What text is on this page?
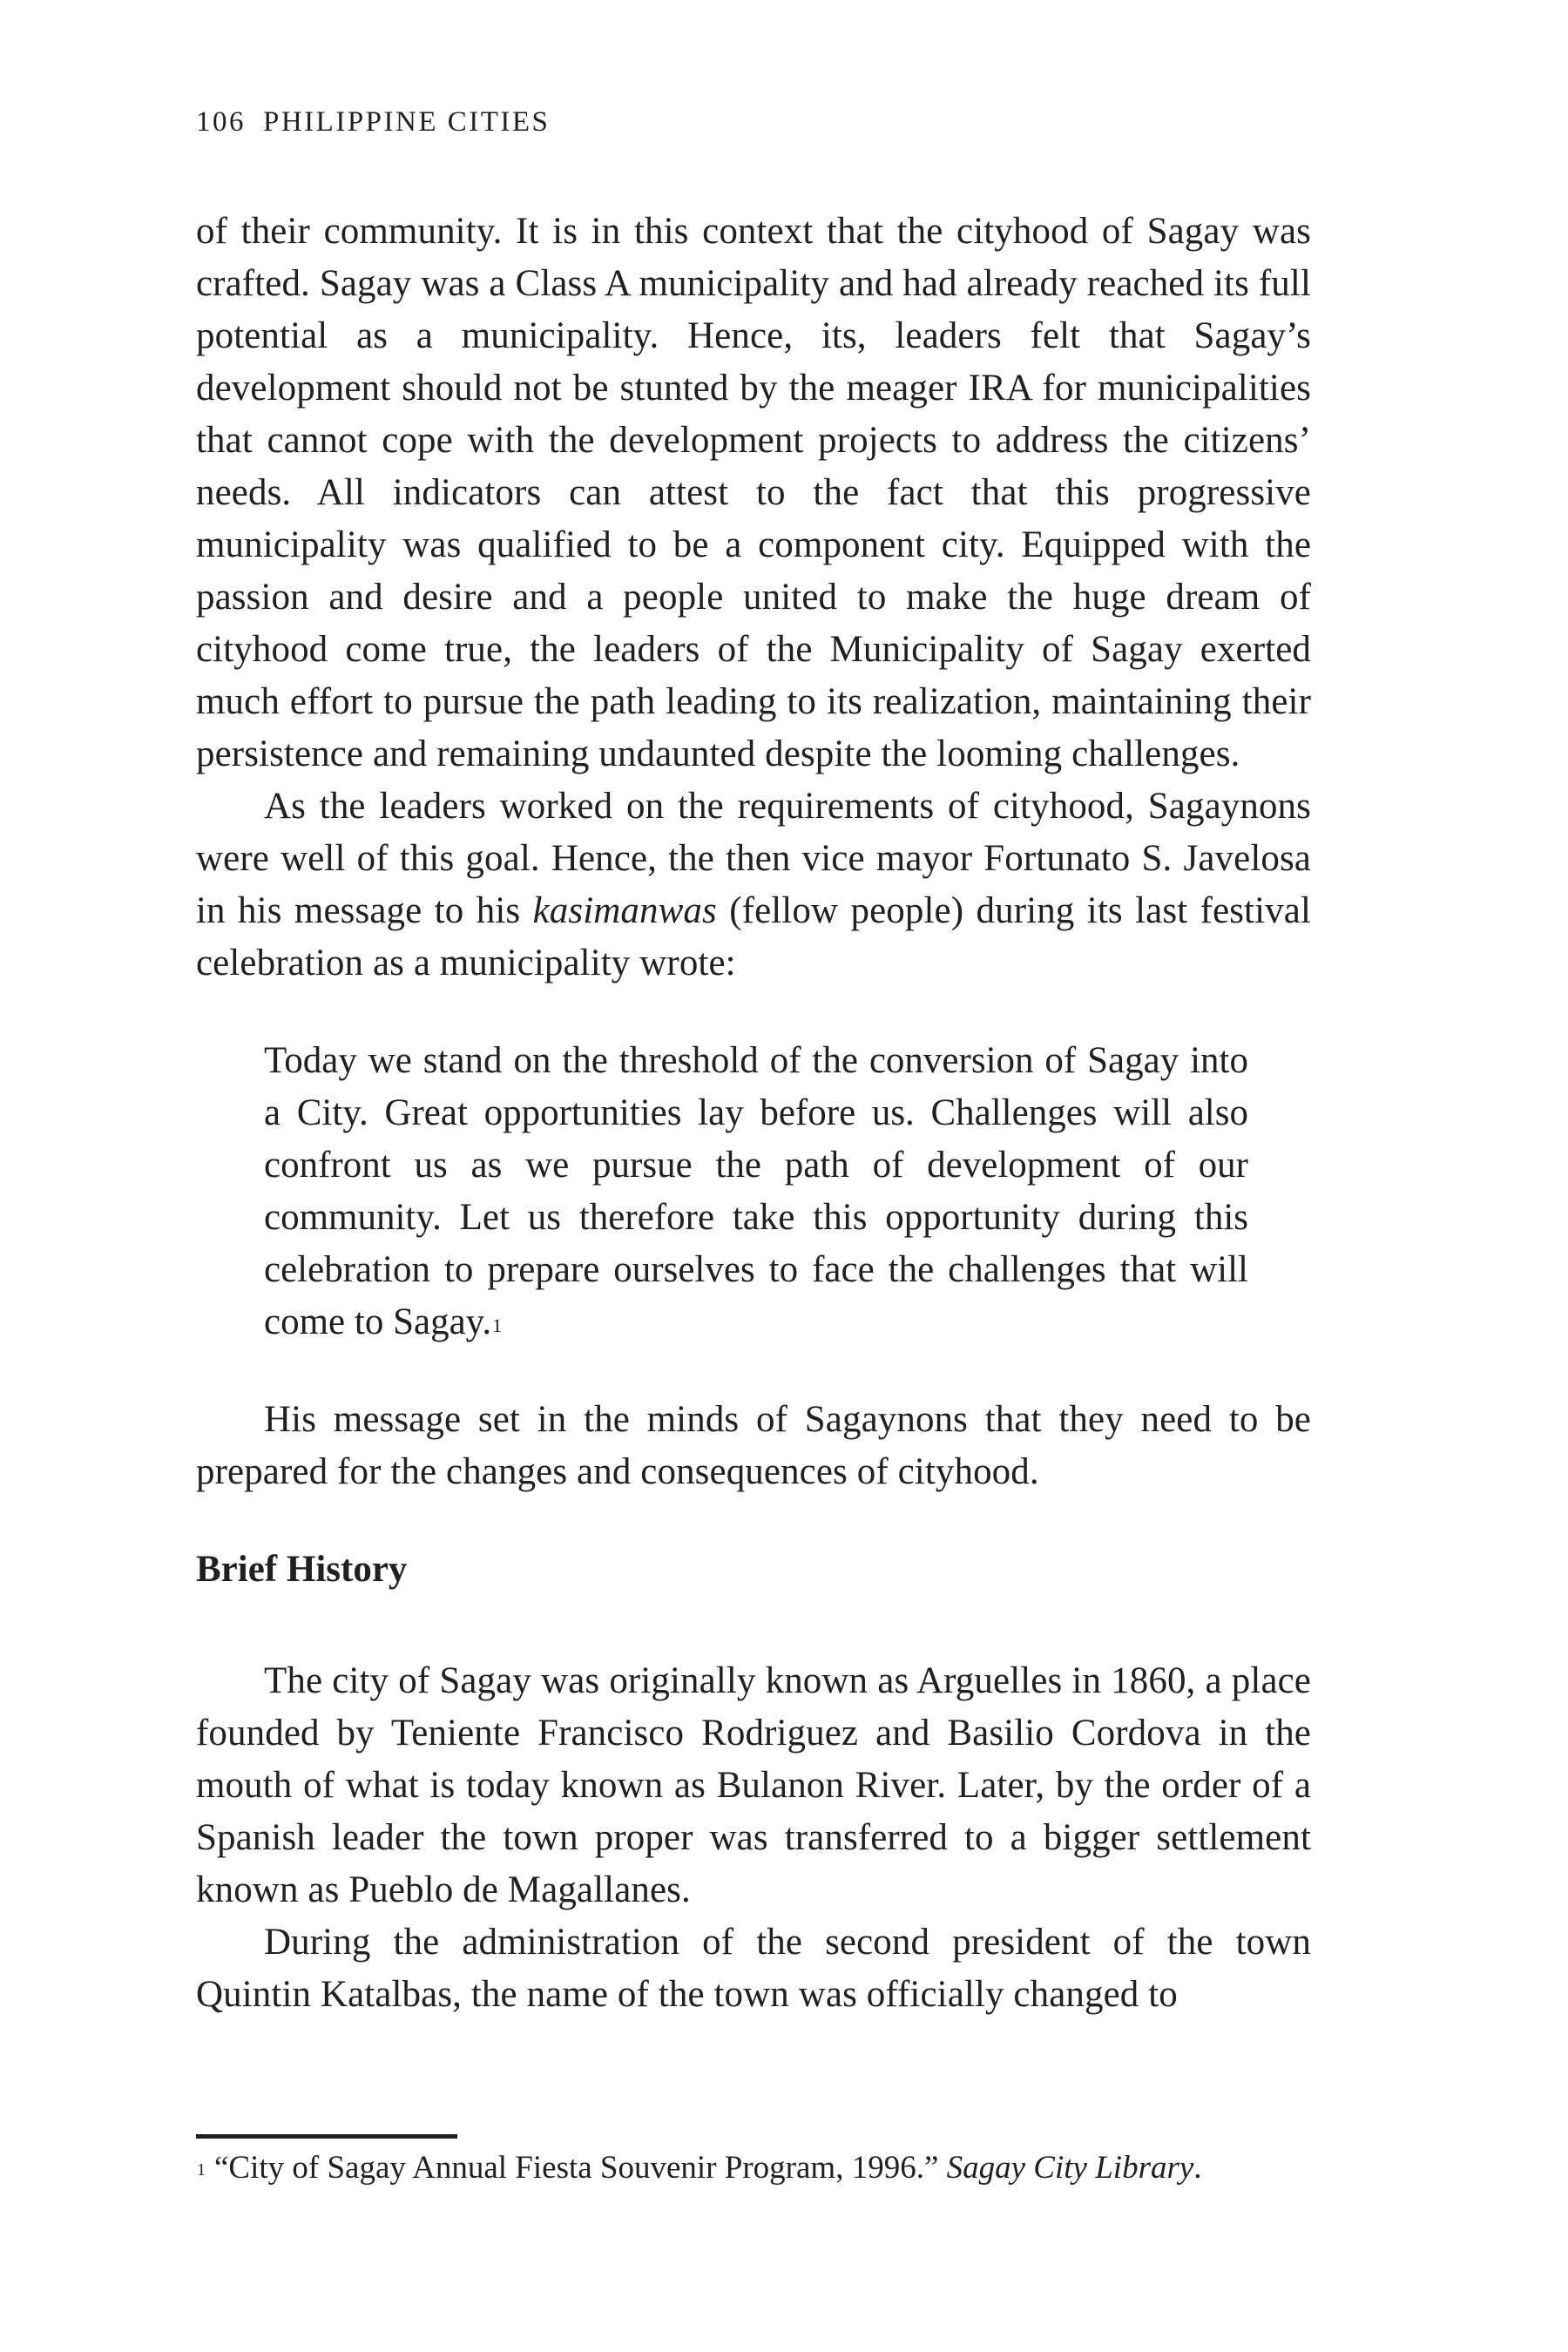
106 PHILIPPINE CITIES

of their community. It is in this context that the cityhood of Sagay was crafted. Sagay was a Class A municipality and had already reached its full potential as a municipality. Hence, its, leaders felt that Sagay’s development should not be stunted by the meager IRA for municipalities that cannot cope with the development projects to address the citizens’ needs. All indicators can attest to the fact that this progressive municipality was qualified to be a component city. Equipped with the passion and desire and a people united to make the huge dream of cityhood come true, the leaders of the Municipality of Sagay exerted much effort to pursue the path leading to its realization, maintaining their persistence and remaining undaunted despite the looming challenges.

As the leaders worked on the requirements of cityhood, Sagaynons were well of this goal. Hence, the then vice mayor Fortunato S. Javelosa in his message to his kasimanwas (fellow people) during its last festival celebration as a municipality wrote:

Today we stand on the threshold of the conversion of Sagay into a City. Great opportunities lay before us. Challenges will also confront us as we pursue the path of development of our community. Let us therefore take this opportunity during this celebration to prepare ourselves to face the challenges that will come to Sagay.$^1$

His message set in the minds of Sagaynons that they need to be prepared for the changes and consequences of cityhood.

Brief History

The city of Sagay was originally known as Arguelles in 1860, a place founded by Teniente Francisco Rodriguez and Basilio Cordova in the mouth of what is today known as Bulanon River. Later, by the order of a Spanish leader the town proper was transferred to a bigger settlement known as Pueblo de Magallanes.

During the administration of the second president of the town Quintin Katalbas, the name of the town was officially changed to

$^1$ “City of Sagay Annual Fiesta Souvenir Program, 1996.” Sagay City Library.
